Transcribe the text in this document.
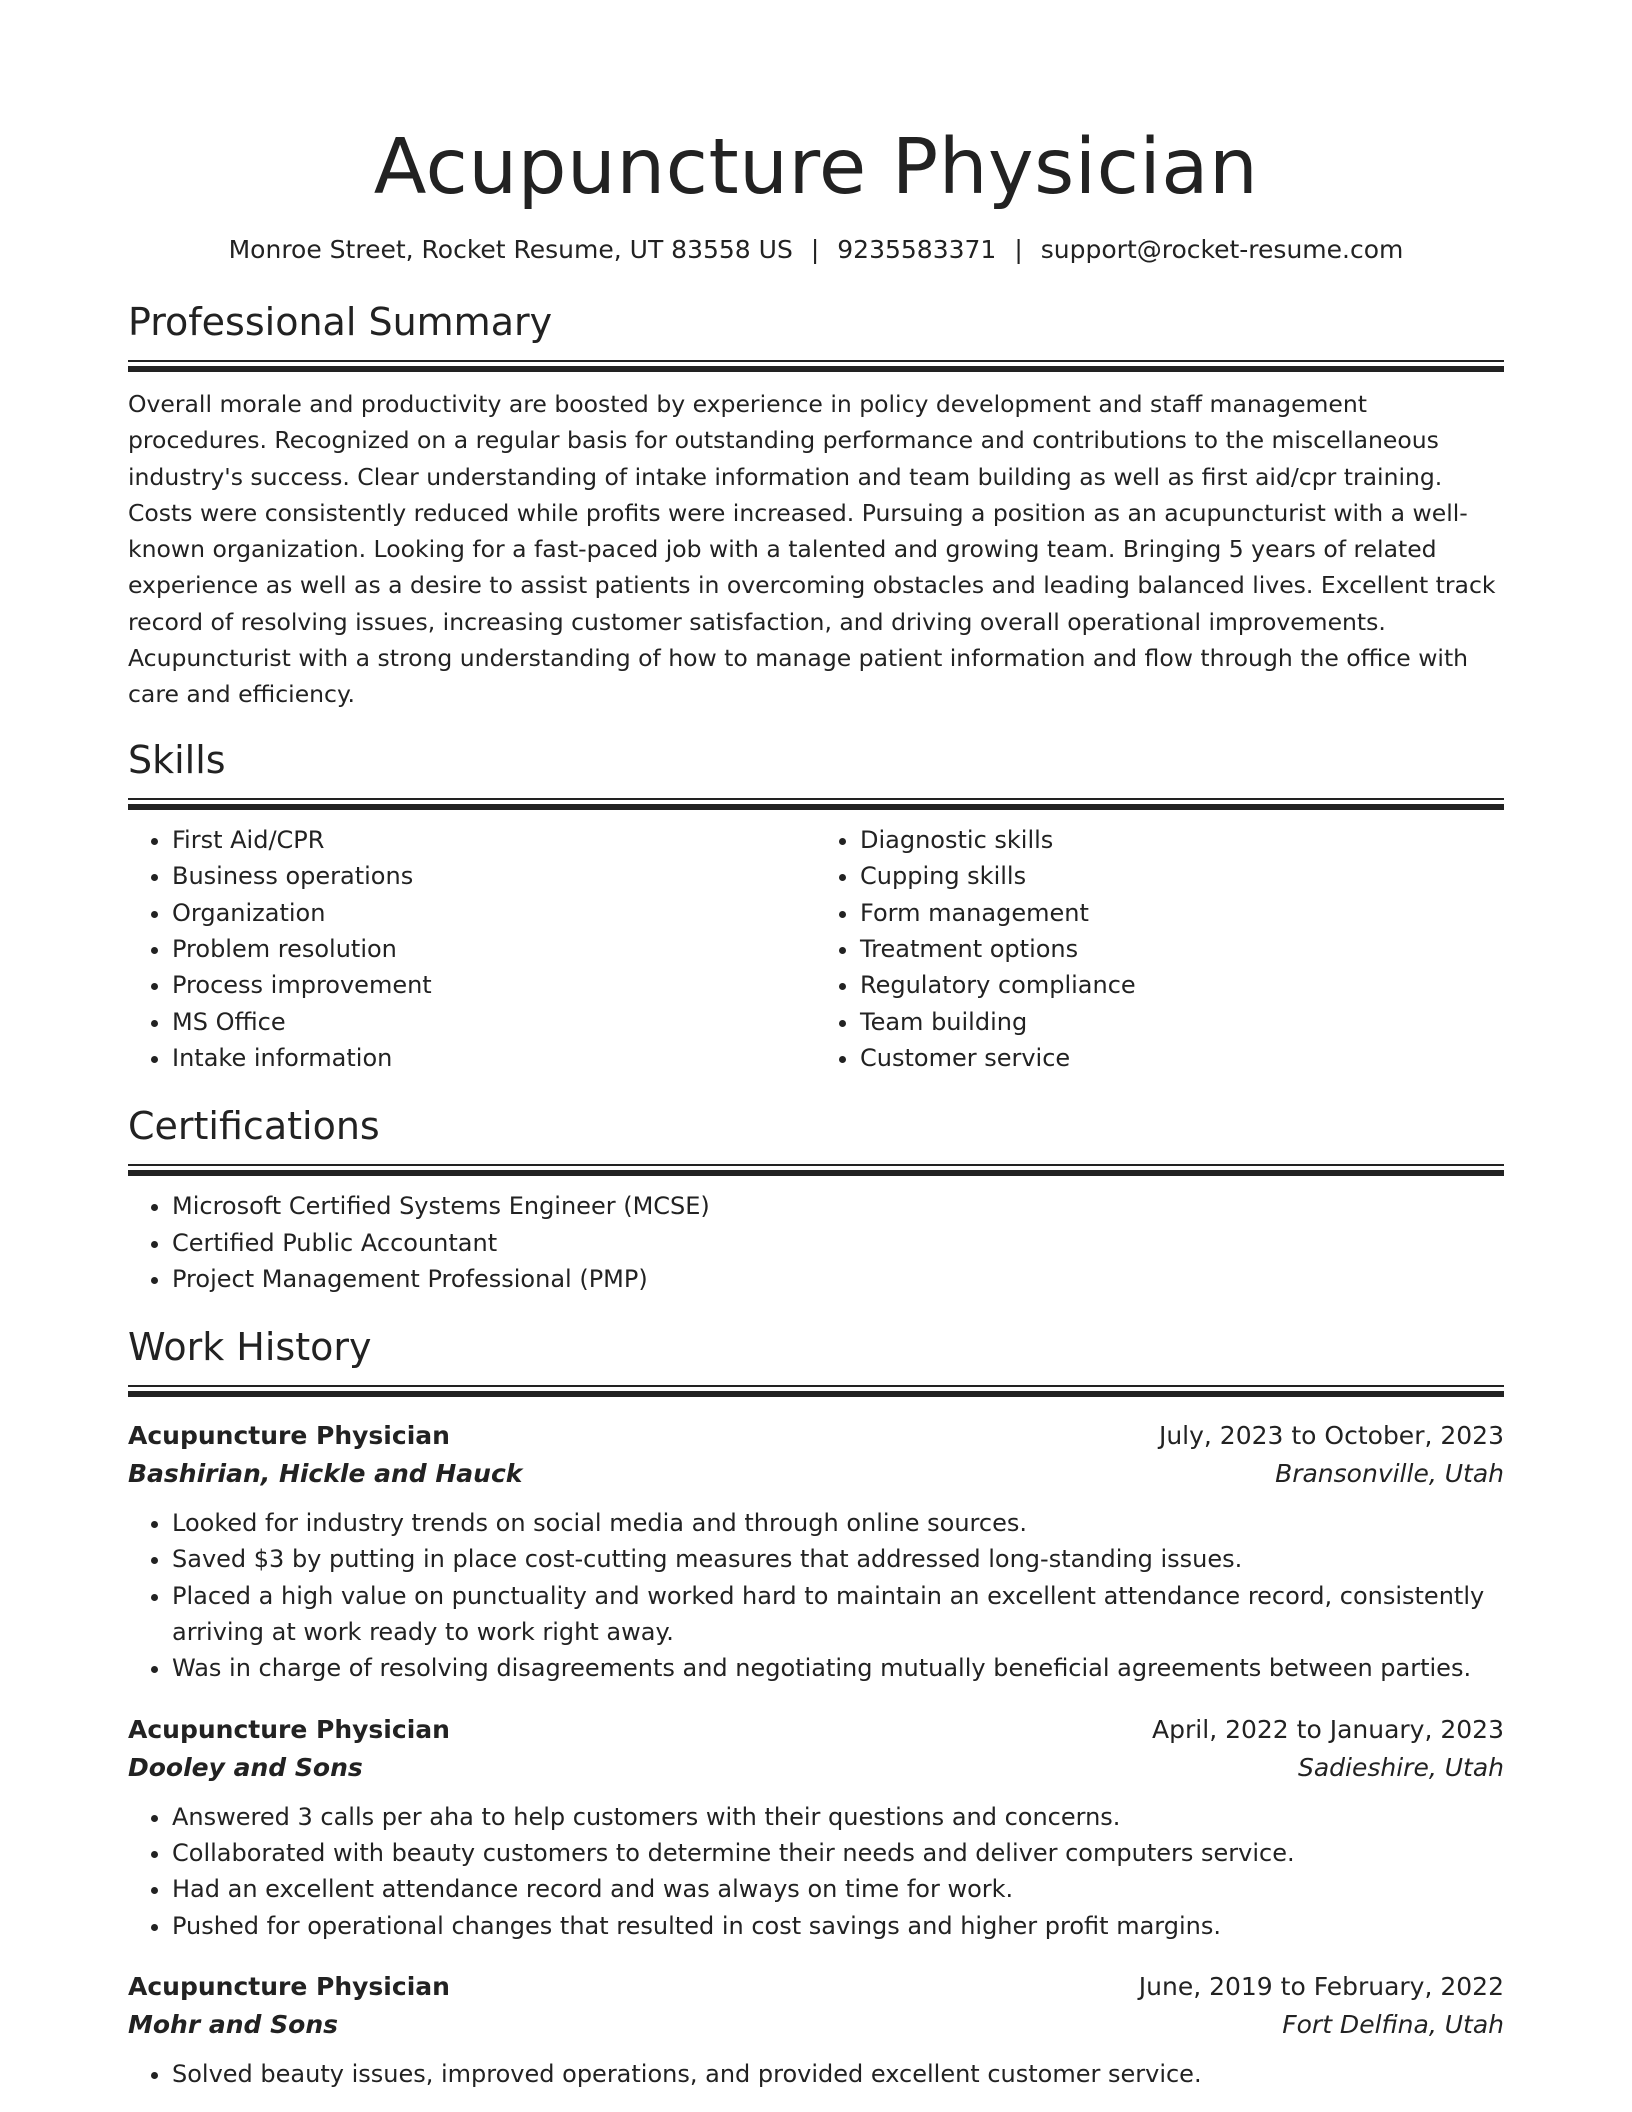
Acupuncture Physician
Monroe Street, Rocket Resume, UT 83558 US | 9235583371 | support@rocket-resume.com
Professional Summary

Overall morale and productivity are boosted by experience in policy development and staff management procedures. Recognized on a regular basis for outstanding performance and contributions to the miscellaneous industry's success. Clear understanding of intake information and team building as well as first aid/cpr training. Costs were consistently reduced while profits were increased. Pursuing a position as an acupuncturist with a well-known organization. Looking for a fast-paced job with a talented and growing team. Bringing 5 years of related experience as well as a desire to assist patients in overcoming obstacles and leading balanced lives. Excellent track record of resolving issues, increasing customer satisfaction, and driving overall operational improvements. Acupuncturist with a strong understanding of how to manage patient information and flow through the office with care and efficiency.

Skills
• First Aid/CPR
• Business operations
• Organization
• Problem resolution
• Process improvement
• MS Office
• Intake information
• Diagnostic skills
• Cupping skills
• Form management
• Treatment options
• Regulatory compliance
• Team building
• Customer service
Certifications
• Microsoft Certified Systems Engineer (MCSE)
• Certified Public Accountant
• Project Management Professional (PMP)
Work History
Acupuncture Physician	July, 2023 to October, 2023
Bashirian, Hickle and Hauck	Bransonville, Utah
• Looked for industry trends on social media and through online sources.
• Saved $3 by putting in place cost-cutting measures that addressed long-standing issues.
• Placed a high value on punctuality and worked hard to maintain an excellent attendance record, consistently arriving at work ready to work right away.
• Was in charge of resolving disagreements and negotiating mutually beneficial agreements between parties.
Acupuncture Physician	April, 2022 to January, 2023
Dooley and Sons	Sadieshire, Utah
• Answered 3 calls per aha to help customers with their questions and concerns.
• Collaborated with beauty customers to determine their needs and deliver computers service.
• Had an excellent attendance record and was always on time for work.
• Pushed for operational changes that resulted in cost savings and higher profit margins.
Acupuncture Physician	June, 2019 to February, 2022
Mohr and Sons	Fort Delfina, Utah
• Solved beauty issues, improved operations, and provided excellent customer service.
